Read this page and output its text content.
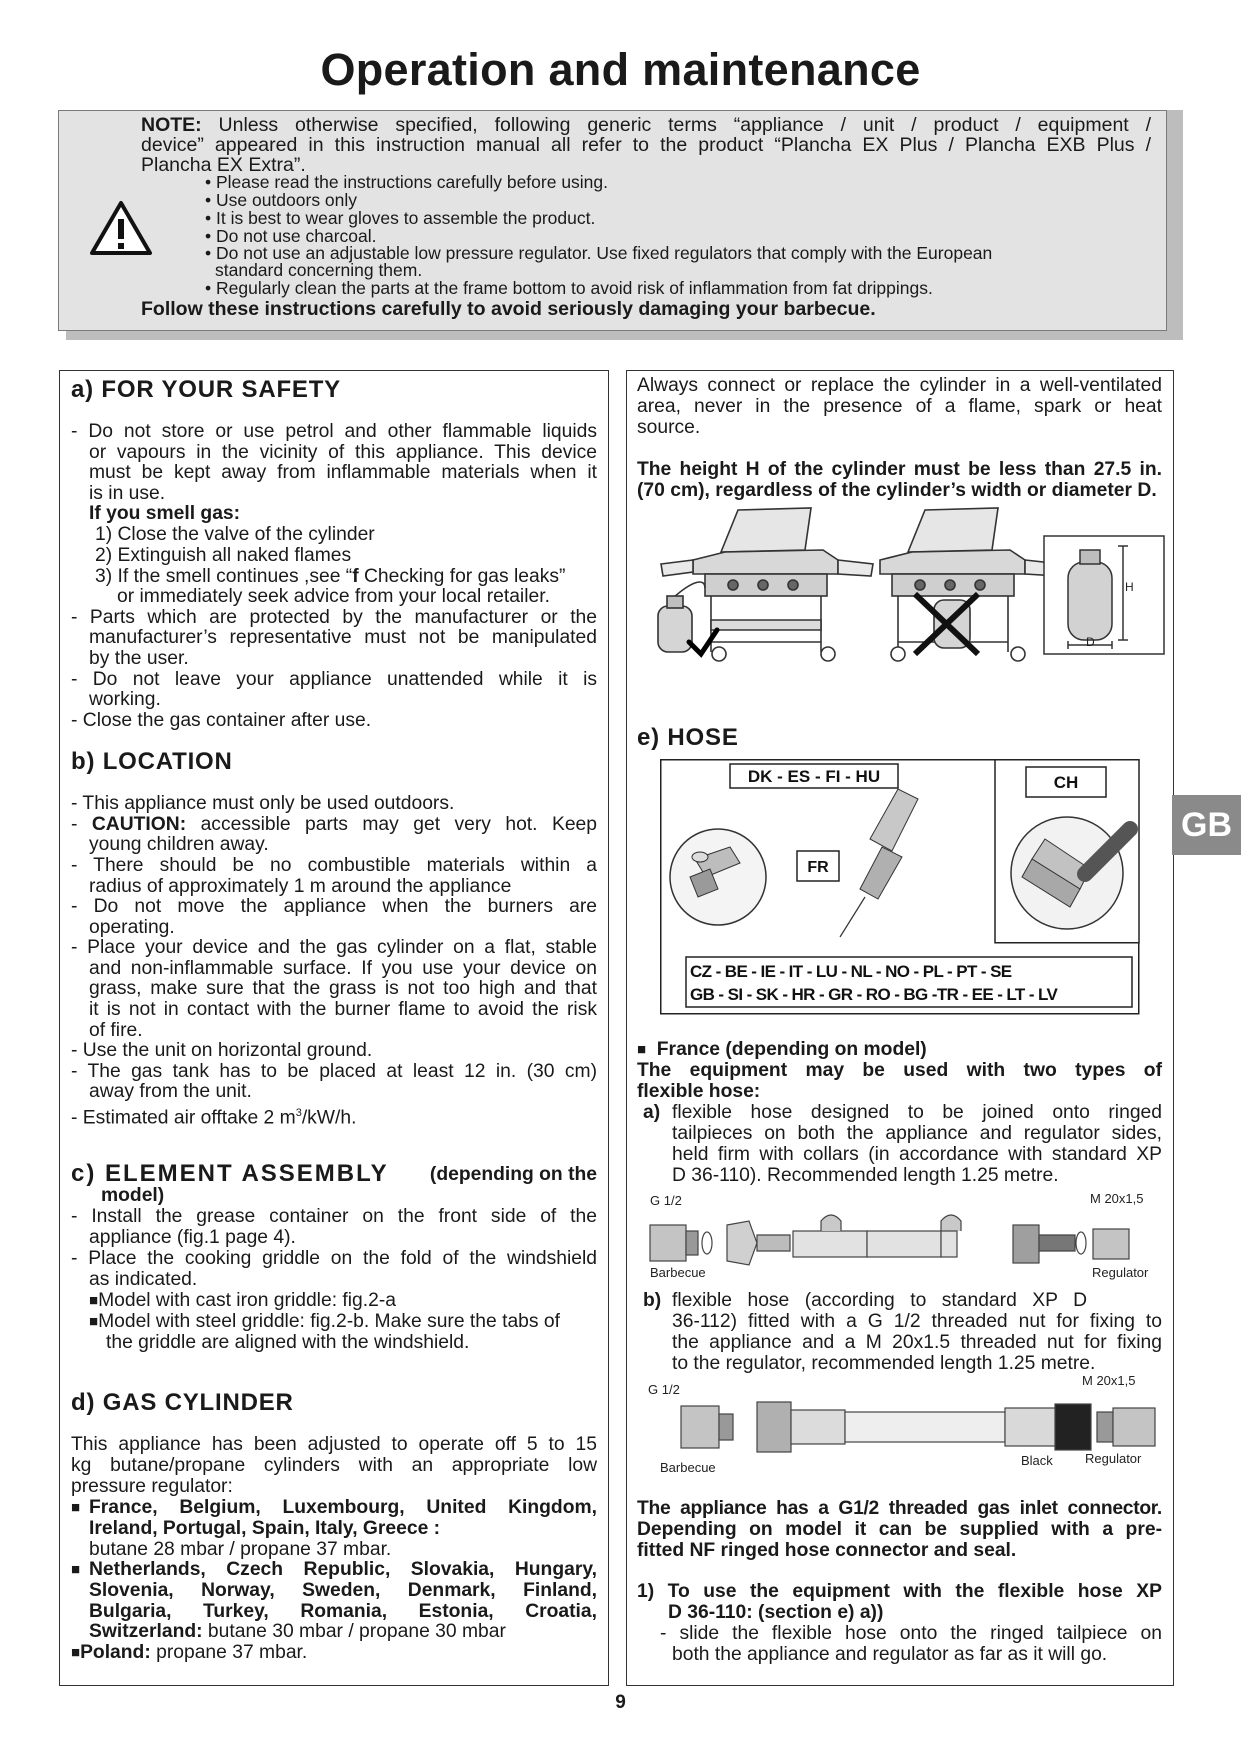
Operation and maintenance
NOTE: Unless otherwise specified, following generic terms “appliance / unit / product / equipment /
device” appeared in this instruction manual all refer to the product “Plancha EX Plus / Plancha EXB Plus /
Plancha EX Extra”.
• Please read the instructions carefully before using.
• Use outdoors only
• It is best to wear gloves to assemble the product.
• Do not use charcoal.
• Do not use an adjustable low pressure regulator. Use fixed regulators that comply with the European
standard concerning them.
• Regularly clean the parts at the frame bottom to avoid risk of inflammation from fat drippings.
Follow these instructions carefully to avoid seriously damaging your barbecue.
a) FOR YOUR SAFETY
- Do not store or use petrol and other flammable liquids
or vapours in the vicinity of this appliance. This device
must be kept away from inflammable materials when it
is in use.
If you smell gas:
1) Close the valve of the cylinder
2) Extinguish all naked flames
3) If the smell continues ,see “f Checking for gas leaks”
or immediately seek advice from your local retailer.
- Parts which are protected by the manufacturer or the
manufacturer’s representative must not be manipulated
by the user.
- Do not leave your appliance unattended while it is
working.
- Close the gas container after use.
b) LOCATION
- This appliance must only be used outdoors.
- CAUTION: accessible parts may get very hot. Keep
young children away.
- There should be no combustible materials within a
radius of approximately 1 m around the appliance
- Do not move the appliance when the burners are
operating.
- Place your device and the gas cylinder on a flat, stable
and non-inflammable surface. If you use your device on
grass, make sure that the grass is not too high and that
it is not in contact with the burner flame to avoid the risk
of fire.
- Use the unit on horizontal ground.
- The gas tank has to be placed at least 12 in. (30 cm)
away from the unit.
- Estimated air offtake 2 $m^3/kW/h$.
c) ELEMENT ASSEMBLY (depending on the
model)
- Install the grease container on the front side of the
appliance (fig.1 page 4).
- Place the cooking griddle on the fold of the windshield
as indicated.
■Model with cast iron griddle: fig.2-a
■Model with steel griddle: fig.2-b. Make sure the tabs of
the griddle are aligned with the windshield.
d) GAS CYLINDER
This appliance has been adjusted to operate off 5 to 15
kg butane/propane cylinders with an appropriate low
pressure regulator:
■ France, Belgium, Luxembourg, United Kingdom,
Ireland, Portugal, Spain, Italy, Greece :
butane 28 mbar / propane 37 mbar.
■ Netherlands, Czech Republic, Slovakia, Hungary,
Slovenia, Norway, Sweden, Denmark, Finland,
Bulgaria, Turkey, Romania, Estonia, Croatia,
Switzerland: butane 30 mbar / propane 30 mbar
■Poland: propane 37 mbar.
Always connect or replace the cylinder in a well-ventilated
area, never in the presence of a flame, spark or heat
source.
The height H of the cylinder must be less than 27.5 in.
(70 cm), regardless of the cylinder’s width or diameter D.
H
D
e) HOSE
DK - ES - FI - HU	CH
FR
CZ - BE - IE - IT - LU - NL - NO - PL - PT - SE
GB - SI - SK - HR - GR - RO - BG -TR - EE - LT - LV
■ France (depending on model)
The equipment may be used with two types of
flexible hose:
a) flexible hose designed to be joined onto ringed
tailpieces on both the appliance and regulator sides,
held firm with collars (in accordance with standard XP
D 36-110). Recommended length 1.25 metre.
G 1/2	M 20x1,5
Barbecue	Regulator
b) flexible hose (according to standard XP D
36-112) fitted with a G 1/2 threaded nut for fixing to
the appliance and a M 20x1.5 threaded nut for fixing
to the regulator, recommended length 1.25 metre.
G 1/2
M 20x1,5
Barbecue	Black Regulator
The appliance has a G1/2 threaded gas inlet connector.
Depending on model it can be supplied with a pre-
fitted NF ringed hose connector and seal.
1) To use the equipment with the flexible hose XP
D 36-110: (section e) a))
- slide the flexible hose onto the ringed tailpiece on
both the appliance and regulator as far as it will go.
GB
9
